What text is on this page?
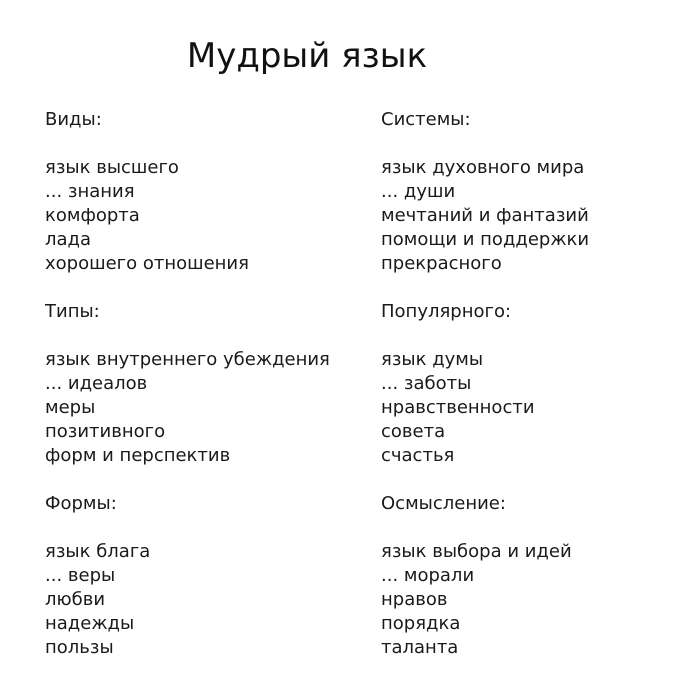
Мудрый язык
Виды:
язык высшего
... знания
комфорта
лада
хорошего отношения
Типы:
язык внутреннего убеждения
... идеалов
меры
позитивного
форм и перспектив
Формы:
язык блага
... веры
любви
надежды
пользы
Системы:
язык духовного мира
... души
мечтаний и фантазий
помощи и поддержки
прекрасного
Популярного:
язык думы
... заботы
нравственности
совета
счастья
Осмысление:
язык выбора и идей
... морали
нравов
порядка
таланта
